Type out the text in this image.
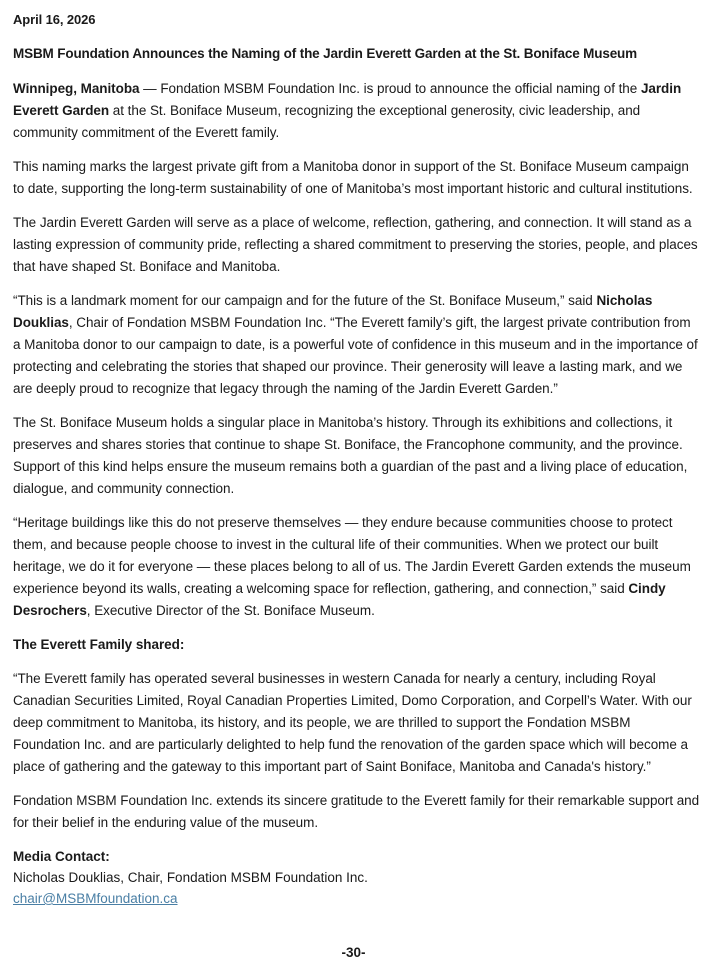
April 16, 2026
MSBM Foundation Announces the Naming of the Jardin Everett Garden at the St. Boniface Museum

Winnipeg, Manitoba — Fondation MSBM Foundation Inc. is proud to announce the official naming of the Jardin Everett Garden at the St. Boniface Museum, recognizing the exceptional generosity, civic leadership, and community commitment of the Everett family.

This naming marks the largest private gift from a Manitoba donor in support of the St. Boniface Museum campaign to date, supporting the long-term sustainability of one of Manitoba’s most important historic and cultural institutions.

The Jardin Everett Garden will serve as a place of welcome, reflection, gathering, and connection. It will stand as a lasting expression of community pride, reflecting a shared commitment to preserving the stories, people, and places that have shaped St. Boniface and Manitoba.

“This is a landmark moment for our campaign and for the future of the St. Boniface Museum,” said Nicholas Douklias, Chair of Fondation MSBM Foundation Inc. “The Everett family’s gift, the largest private contribution from a Manitoba donor to our campaign to date, is a powerful vote of confidence in this museum and in the importance of protecting and celebrating the stories that shaped our province. Their generosity will leave a lasting mark, and we are deeply proud to recognize that legacy through the naming of the Jardin Everett Garden.”

The St. Boniface Museum holds a singular place in Manitoba’s history. Through its exhibitions and collections, it preserves and shares stories that continue to shape St. Boniface, the Francophone community, and the province. Support of this kind helps ensure the museum remains both a guardian of the past and a living place of education, dialogue, and community connection.

“Heritage buildings like this do not preserve themselves — they endure because communities choose to protect them, and because people choose to invest in the cultural life of their communities. When we protect our built heritage, we do it for everyone — these places belong to all of us. The Jardin Everett Garden extends the museum experience beyond its walls, creating a welcoming space for reflection, gathering, and connection,” said Cindy Desrochers, Executive Director of the St. Boniface Museum.

The Everett Family shared:

“The Everett family has operated several businesses in western Canada for nearly a century, including Royal Canadian Securities Limited, Royal Canadian Properties Limited, Domo Corporation, and Corpell’s Water. With our deep commitment to Manitoba, its history, and its people, we are thrilled to support the Fondation MSBM Foundation Inc. and are particularly delighted to help fund the renovation of the garden space which will become a place of gathering and the gateway to this important part of Saint Boniface, Manitoba and Canada's history.”

Fondation MSBM Foundation Inc. extends its sincere gratitude to the Everett family for their remarkable support and for their belief in the enduring value of the museum.

Media Contact:
Nicholas Douklias, Chair, Fondation MSBM Foundation Inc.
chair@MSBMfoundation.ca
-30-
